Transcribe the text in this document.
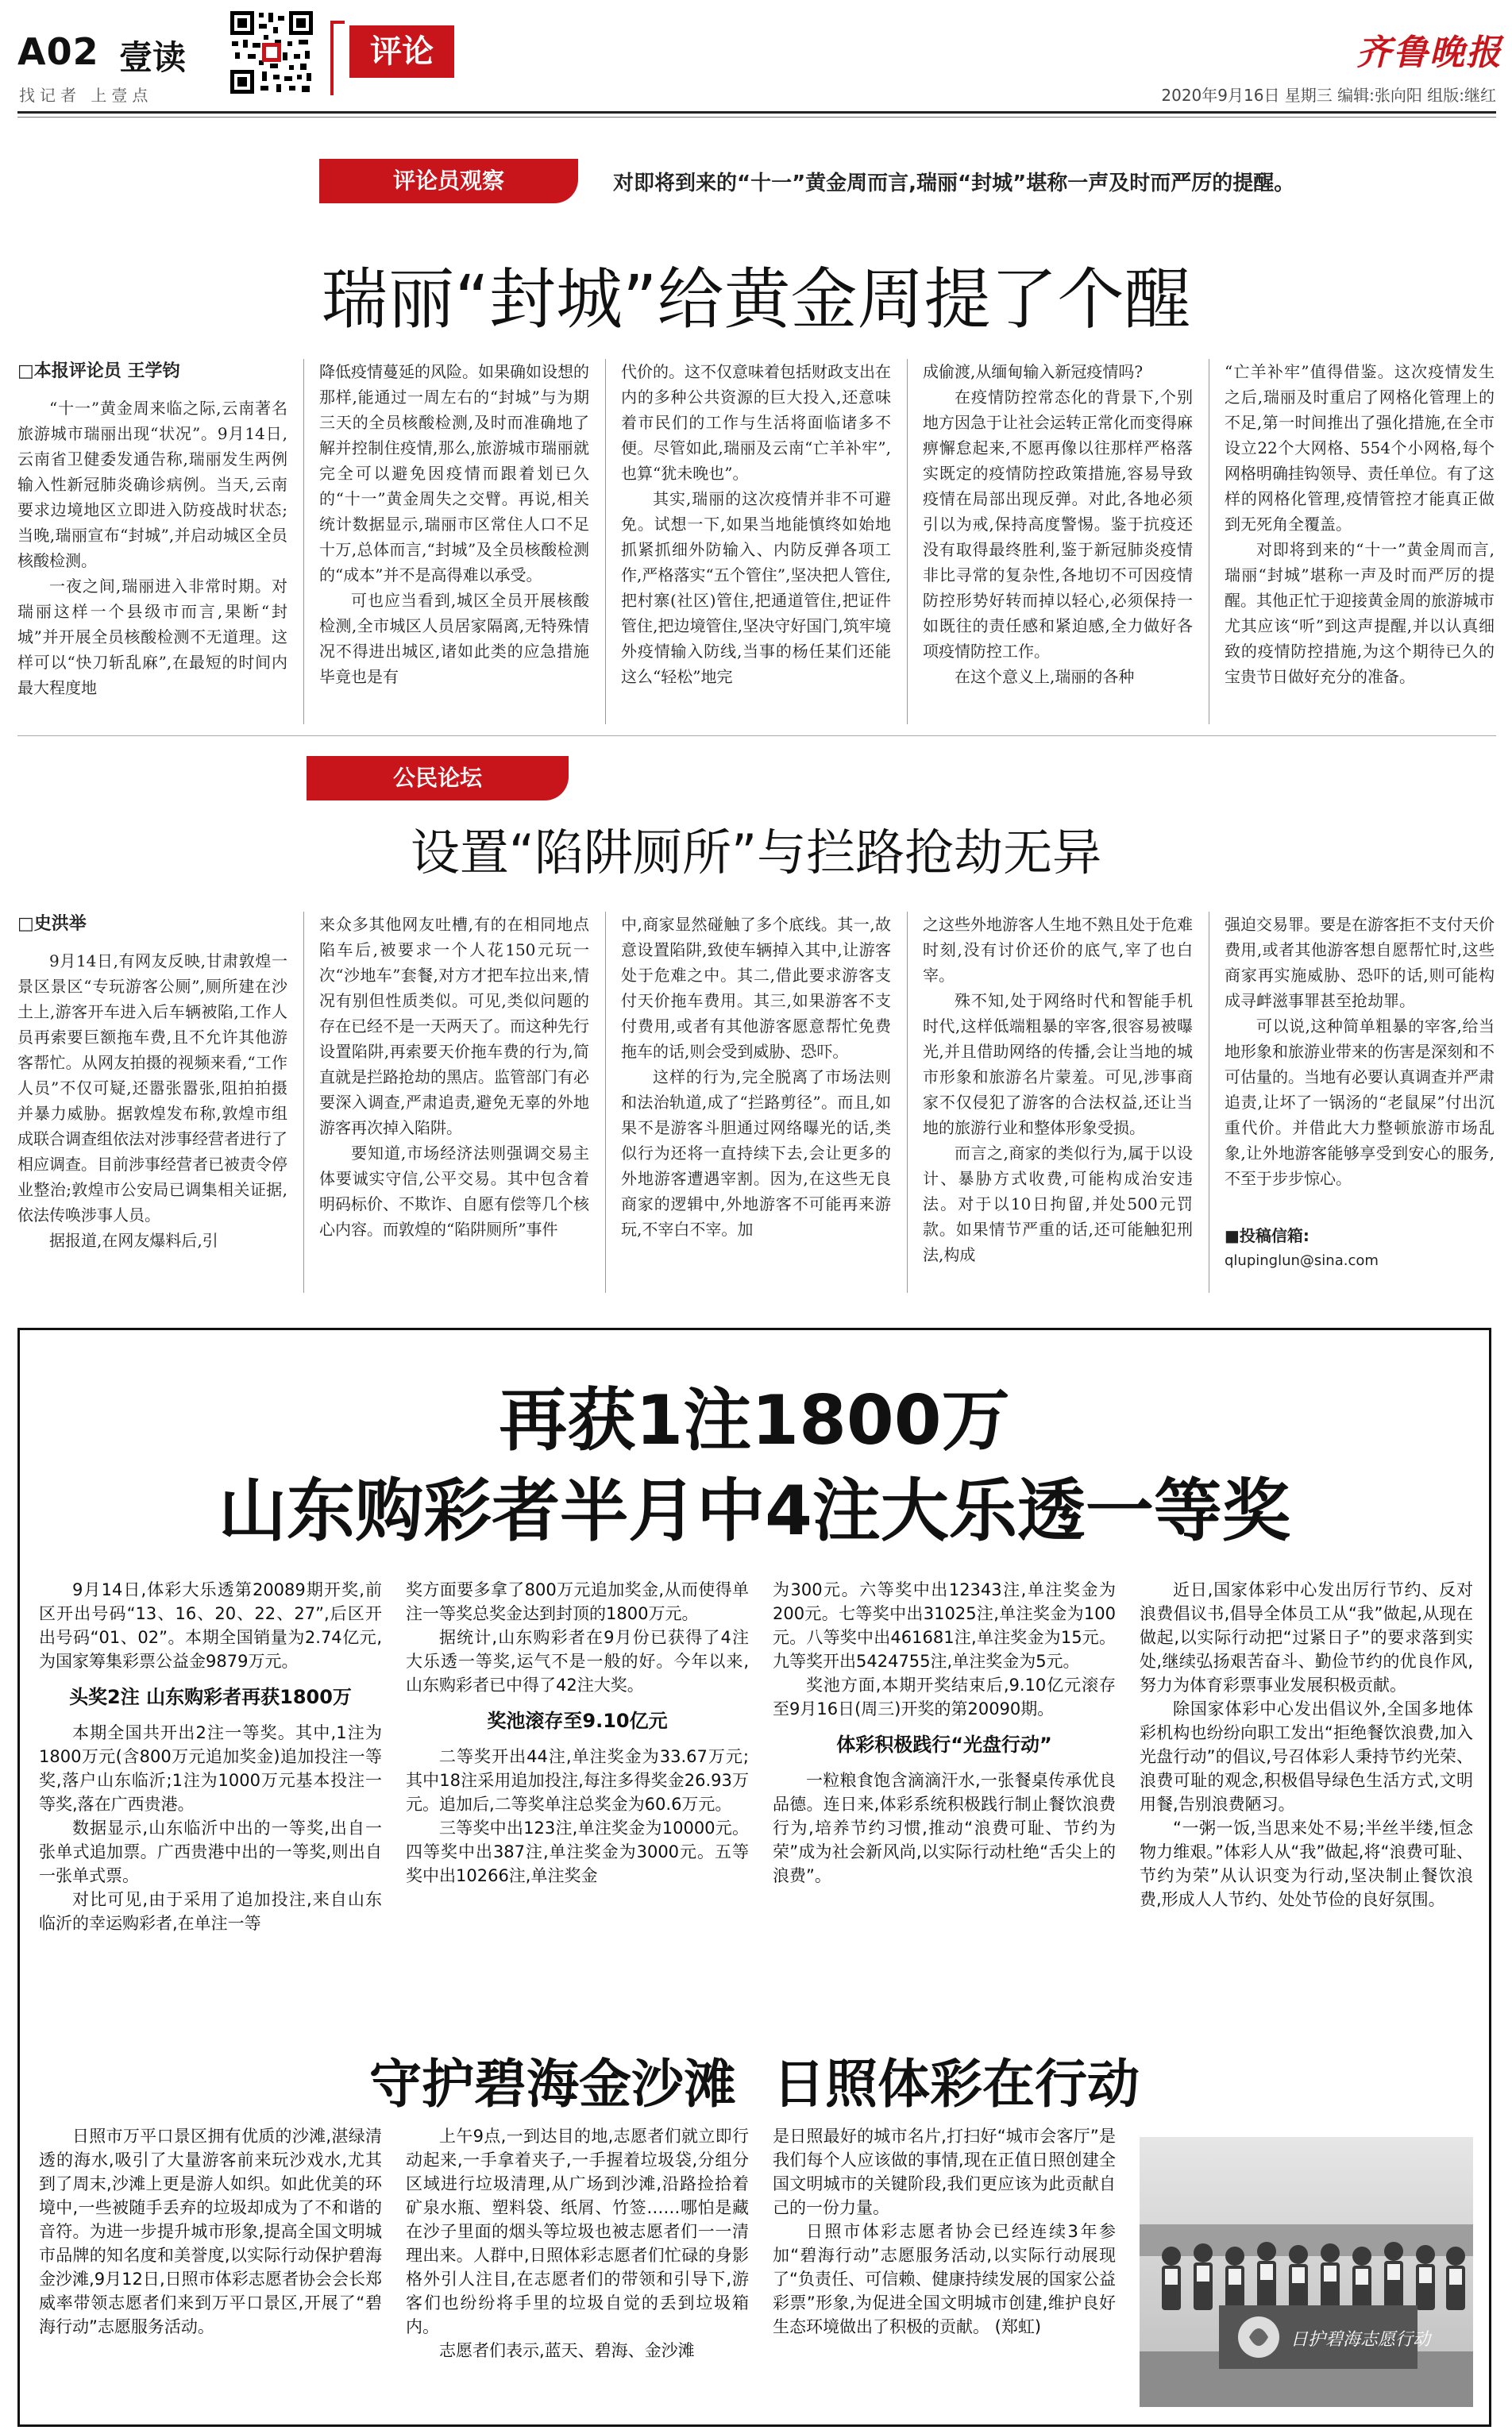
A02 壹读
找记者 上壹点
评论	齐鲁晚报
2020年9月16日 星期三 编辑:张向阳 组版:继红
评论员观察	对即将到来的“十一”黄金周而言,瑞丽“封城”堪称一声及时而严厉的提醒。
瑞丽“封城”给黄金周提了个醒

□本报评论员 王学钧

“十一”黄金周来临之际,云南著名旅游城市瑞丽出现“状况”。9月14日,云南省卫健委发通告称,瑞丽发生两例输入性新冠肺炎确诊病例。当天,云南要求边境地区立即进入防疫战时状态;当晚,瑞丽宣布“封城”,并启动城区全员核酸检测。

一夜之间,瑞丽进入非常时期。对瑞丽这样一个县级市而言,果断“封城”并开展全员核酸检测不无道理。这样可以“快刀斩乱麻”,在最短的时间内最大程度地

降低疫情蔓延的风险。如果确如设想的那样,能通过一周左右的“封城”与为期三天的全员核酸检测,及时而准确地了解并控制住疫情,那么,旅游城市瑞丽就完全可以避免因疫情而跟着划已久的“十一”黄金周失之交臂。再说,相关统计数据显示,瑞丽市区常住人口不足十万,总体而言,“封城”及全员核酸检测的“成本”并不是高得难以承受。

可也应当看到,城区全员开展核酸检测,全市城区人员居家隔离,无特殊情况不得进出城区,诸如此类的应急措施毕竟也是有

代价的。这不仅意味着包括财政支出在内的多种公共资源的巨大投入,还意味着市民们的工作与生活将面临诸多不便。尽管如此,瑞丽及云南“亡羊补牢”,也算“犹未晚也”。

其实,瑞丽的这次疫情并非不可避免。试想一下,如果当地能慎终如始地抓紧抓细外防输入、内防反弹各项工作,严格落实“五个管住”,坚决把人管住,把村寨(社区)管住,把通道管住,把证件管住,把边境管住,坚决守好国门,筑牢境外疫情输入防线,当事的杨任某们还能这么“轻松”地完

成偷渡,从缅甸输入新冠疫情吗?

在疫情防控常态化的背景下,个别地方因急于让社会运转正常化而变得麻痹懈怠起来,不愿再像以往那样严格落实既定的疫情防控政策措施,容易导致疫情在局部出现反弹。对此,各地必须引以为戒,保持高度警惕。鉴于抗疫还没有取得最终胜利,鉴于新冠肺炎疫情非比寻常的复杂性,各地切不可因疫情防控形势好转而掉以轻心,必须保持一如既往的责任感和紧迫感,全力做好各项疫情防控工作。

在这个意义上,瑞丽的各种

“亡羊补牢”值得借鉴。这次疫情发生之后,瑞丽及时重启了网格化管理上的不足,第一时间推出了强化措施,在全市设立22个大网格、554个小网格,每个网格明确挂钩领导、责任单位。有了这样的网格化管理,疫情管控才能真正做到无死角全覆盖。

对即将到来的“十一”黄金周而言,瑞丽“封城”堪称一声及时而严厉的提醒。其他正忙于迎接黄金周的旅游城市尤其应该“听”到这声提醒,并以认真细致的疫情防控措施,为这个期待已久的宝贵节日做好充分的准备。

公民论坛
设置“陷阱厕所”与拦路抢劫无异

□史洪举

9月14日,有网友反映,甘肃敦煌一景区景区“专玩游客公厕”,厕所建在沙土上,游客开车进入后车辆被陷,工作人员再索要巨额拖车费,且不允许其他游客帮忙。从网友拍摄的视频来看,“工作人员”不仅可疑,还嚣张嚣张,阻拍拍摄并暴力威胁。据敦煌发布称,敦煌市组成联合调查组依法对涉事经营者进行了相应调查。目前涉事经营者已被责令停业整治;敦煌市公安局已调集相关证据,依法传唤涉事人员。

据报道,在网友爆料后,引

来众多其他网友吐槽,有的在相同地点陷车后,被要求一个人花150元玩一次“沙地车”套餐,对方才把车拉出来,情况有别但性质类似。可见,类似问题的存在已经不是一天两天了。而这种先行设置陷阱,再索要天价拖车费的行为,简直就是拦路抢劫的黑店。监管部门有必要深入调查,严肃追责,避免无辜的外地游客再次掉入陷阱。

要知道,市场经济法则强调交易主体要诚实守信,公平交易。其中包含着明码标价、不欺诈、自愿有偿等几个核心内容。而敦煌的“陷阱厕所”事件

中,商家显然碰触了多个底线。其一,故意设置陷阱,致使车辆掉入其中,让游客处于危难之中。其二,借此要求游客支付天价拖车费用。其三,如果游客不支付费用,或者有其他游客愿意帮忙免费拖车的话,则会受到威胁、恐吓。

这样的行为,完全脱离了市场法则和法治轨道,成了“拦路剪径”。而且,如果不是游客斗胆通过网络曝光的话,类似行为还将一直持续下去,会让更多的外地游客遭遇宰割。因为,在这些无良商家的逻辑中,外地游客不可能再来游玩,不宰白不宰。加

之这些外地游客人生地不熟且处于危难时刻,没有讨价还价的底气,宰了也白宰。

殊不知,处于网络时代和智能手机时代,这样低端粗暴的宰客,很容易被曝光,并且借助网络的传播,会让当地的城市形象和旅游名片蒙羞。可见,涉事商家不仅侵犯了游客的合法权益,还让当地的旅游行业和整体形象受损。

而言之,商家的类似行为,属于以设计、暴胁方式收费,可能构成治安违法。对于以10日拘留,并处500元罚款。如果情节严重的话,还可能触犯刑法,构成

强迫交易罪。要是在游客拒不支付天价费用,或者其他游客想自愿帮忙时,这些商家再实施威胁、恐吓的话,则可能构成寻衅滋事罪甚至抢劫罪。

可以说,这种简单粗暴的宰客,给当地形象和旅游业带来的伤害是深刻和不可估量的。当地有必要认真调查并严肃追责,让坏了一锅汤的“老鼠屎”付出沉重代价。并借此大力整顿旅游市场乱象,让外地游客能够享受到安心的服务,不至于步步惊心。

■投稿信箱:

qlupinglun@sina.com

再获1注1800万
山东购彩者半月中4注大乐透一等奖

9月14日,体彩大乐透第20089期开奖,前区开出号码“13、16、20、22、27”,后区开出号码“01、02”。本期全国销量为2.74亿元,为国家筹集彩票公益金9879万元。

头奖2注 山东购彩者再获1800万

本期全国共开出2注一等奖。其中,1注为1800万元(含800万元追加奖金)追加投注一等奖,落户山东临沂;1注为1000万元基本投注一等奖,落在广西贵港。

数据显示,山东临沂中出的一等奖,出自一张单式追加票。广西贵港中出的一等奖,则出自一张单式票。

对比可见,由于采用了追加投注,来自山东临沂的幸运购彩者,在单注一等

奖方面要多拿了800万元追加奖金,从而使得单注一等奖总奖金达到封顶的1800万元。

据统计,山东购彩者在9月份已获得了4注大乐透一等奖,运气不是一般的好。今年以来,山东购彩者已中得了42注大奖。

奖池滚存至9.10亿元

二等奖开出44注,单注奖金为33.67万元;其中18注采用追加投注,每注多得奖金26.93万元。追加后,二等奖单注总奖金为60.6万元。

三等奖中出123注,单注奖金为10000元。四等奖中出387注,单注奖金为3000元。五等奖中出10266注,单注奖金

为300元。六等奖中出12343注,单注奖金为200元。七等奖中出31025注,单注奖金为100元。八等奖中出461681注,单注奖金为15元。九等奖开出5424755注,单注奖金为5元。

奖池方面,本期开奖结束后,9.10亿元滚存至9月16日(周三)开奖的第20090期。

体彩积极践行“光盘行动”

一粒粮食饱含滴滴汗水,一张餐桌传承优良品德。连日来,体彩系统积极践行制止餐饮浪费行为,培养节约习惯,推动“浪费可耻、节约为荣”成为社会新风尚,以实际行动杜绝“舌尖上的浪费”。

近日,国家体彩中心发出厉行节约、反对浪费倡议书,倡导全体员工从“我”做起,从现在做起,以实际行动把“过紧日子”的要求落到实处,继续弘扬艰苦奋斗、勤俭节约的优良作风,努力为体育彩票事业发展积极贡献。

除国家体彩中心发出倡议外,全国多地体彩机构也纷纷向职工发出“拒绝餐饮浪费,加入光盘行动”的倡议,号召体彩人秉持节约光荣、浪费可耻的观念,积极倡导绿色生活方式,文明用餐,告别浪费陋习。

“一粥一饭,当思来处不易;半丝半缕,恒念物力维艰。”体彩人从“我”做起,将“浪费可耻、节约为荣”从认识变为行动,坚决制止餐饮浪费,形成人人节约、处处节俭的良好氛围。

守护碧海金沙滩  日照体彩在行动

日照市万平口景区拥有优质的沙滩,湛绿清透的海水,吸引了大量游客前来玩沙戏水,尤其到了周末,沙滩上更是游人如织。如此优美的环境中,一些被随手丢弃的垃圾却成为了不和谐的音符。为进一步提升城市形象,提高全国文明城市品牌的知名度和美誉度,以实际行动保护碧海金沙滩,9月12日,日照市体彩志愿者协会会长郑威率带领志愿者们来到万平口景区,开展了“碧海行动”志愿服务活动。

上午9点,一到达目的地,志愿者们就立即行动起来,一手拿着夹子,一手握着垃圾袋,分组分区域进行垃圾清理,从广场到沙滩,沿路捡拾着矿泉水瓶、塑料袋、纸屑、竹签……哪怕是藏在沙子里面的烟头等垃圾也被志愿者们一一清理出来。人群中,日照体彩志愿者们忙碌的身影格外引人注目,在志愿者们的带领和引导下,游客们也纷纷将手里的垃圾自觉的丢到垃圾箱内。

志愿者们表示,蓝天、碧海、金沙滩

是日照最好的城市名片,打扫好“城市会客厅”是我们每个人应该做的事情,现在正值日照创建全国文明城市的关键阶段,我们更应该为此贡献自己的一份力量。

日照市体彩志愿者协会已经连续3年参加“碧海行动”志愿服务活动,以实际行动展现了“负责任、可信赖、健康持续发展的国家公益彩票”形象,为促进全国文明城市创建,维护良好生态环境做出了积极的贡献。 (郑虹)

日护碧海志愿行动
